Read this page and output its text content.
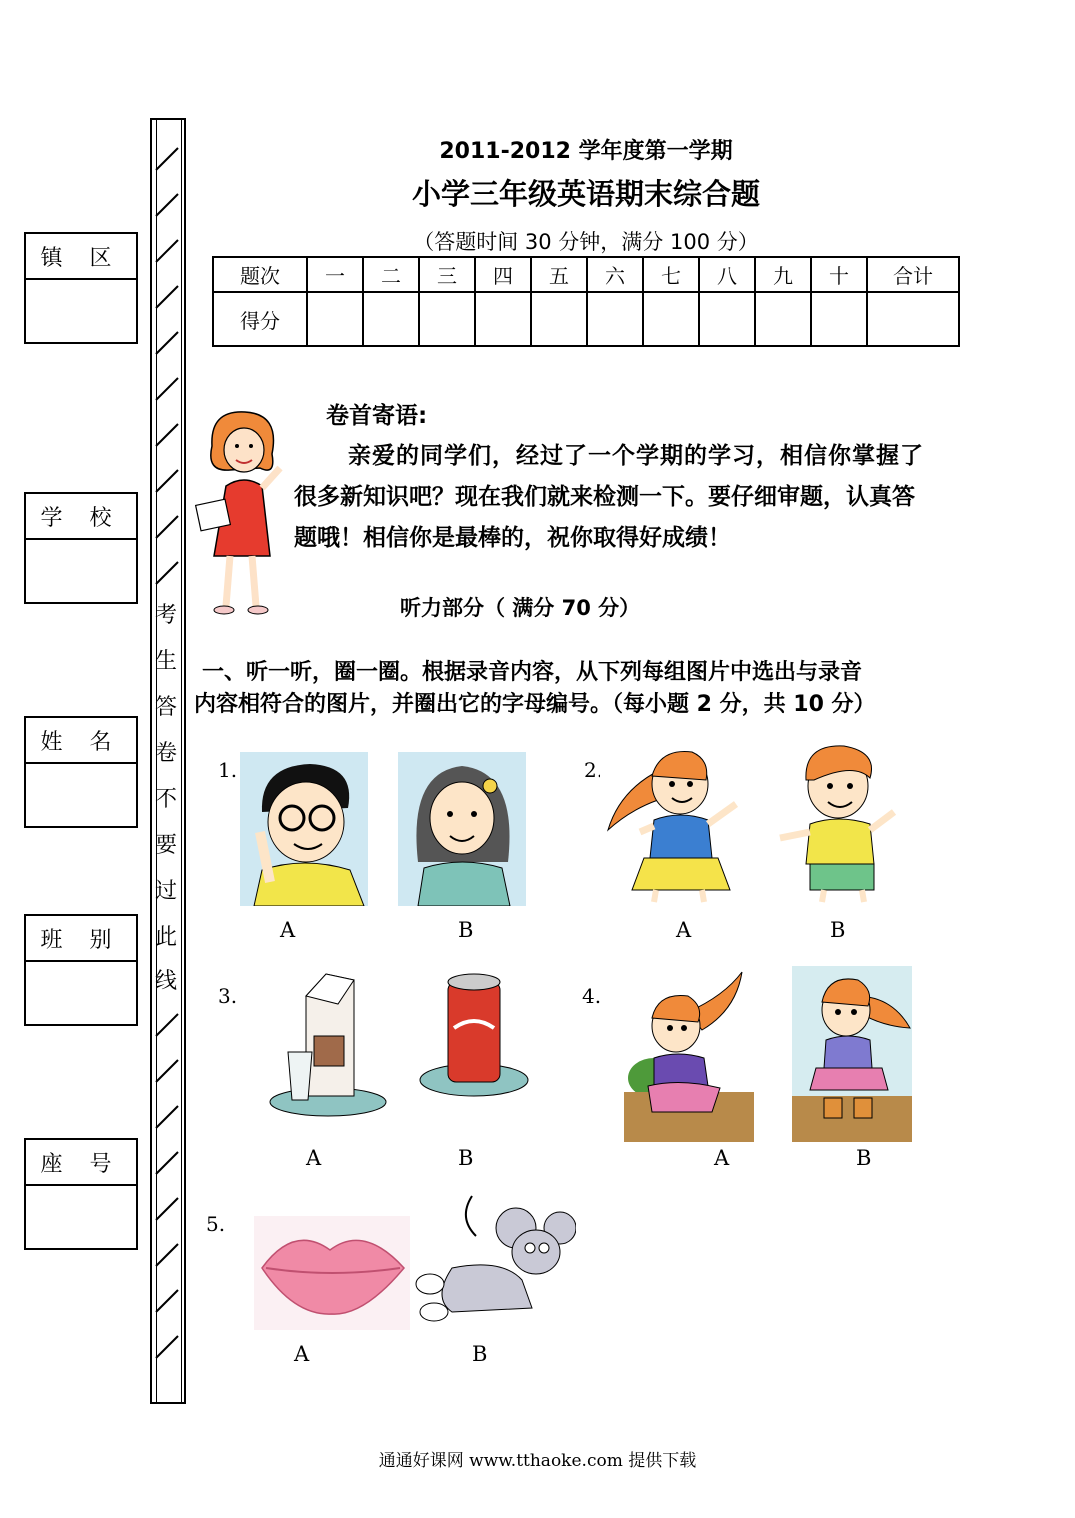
镇 区
学 校
姓 名
班 别
座 号
考
生
答
卷
不
要
过
此
线
2011-2012 学年度第一学期
小学三年级英语期末综合题
（答题时间 30 分钟，满分 100 分）
题次	一	二	三	四	五	六	七	八	九	十	合计
得分											
卷首寄语:
亲爱的同学们，经过了一个学期的学习，相信你掌握了
很多新知识吧？现在我们就来检测一下。要仔细审题，认真答
题哦！相信你是最棒的，祝你取得好成绩！
听力部分（ 满分 70 分）
一、听一听，圈一圈。根据录音内容，从下列每组图片中选出与录音
内容相符合的图片，并圈出它的字母编号。（每小题 2 分，共 10 分）
1.
A	B
2.
A	B
3.
A	B
4.
A	B
5.
A	B
通通好课网 www.tthaoke.com 提供下载
